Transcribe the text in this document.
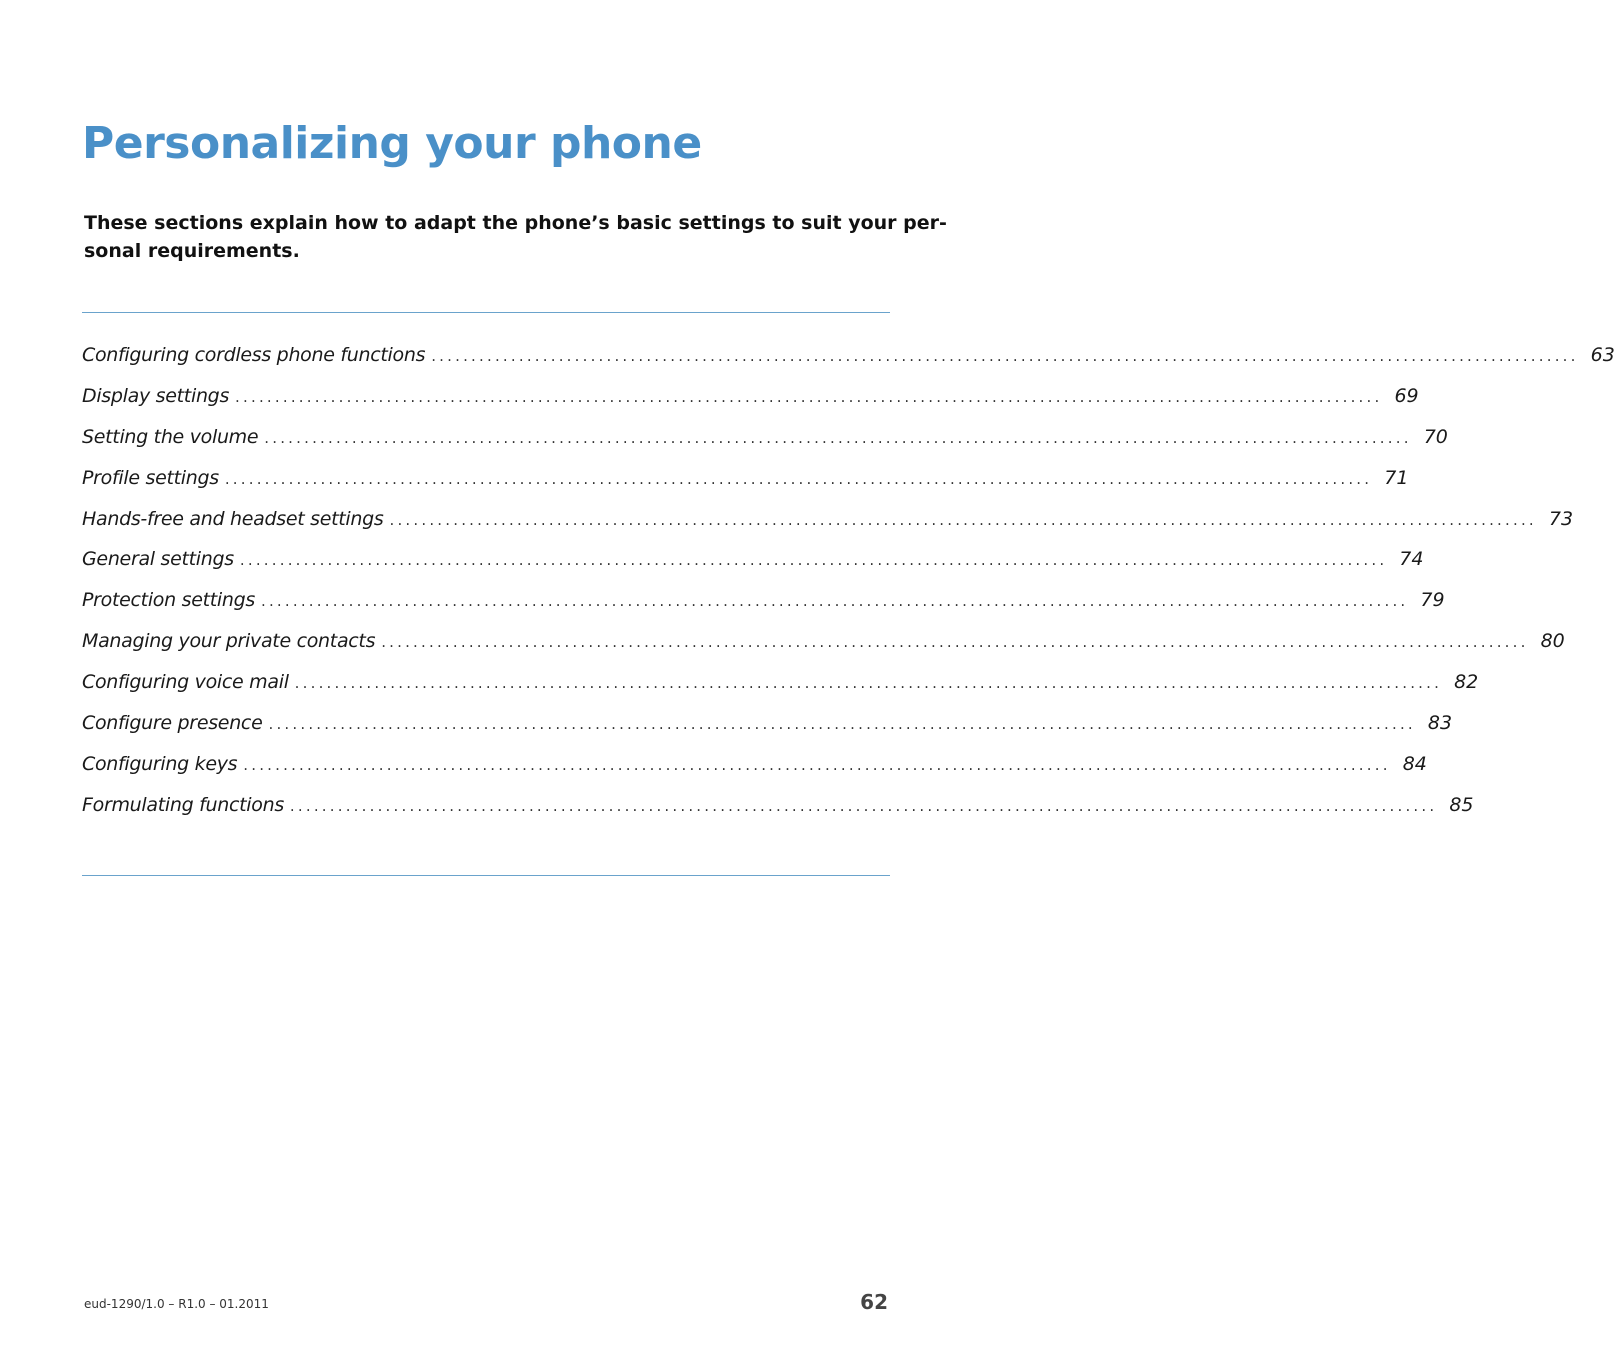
Personalizing your phone

These sections explain how to adapt the phone’s basic settings to suit your per-
sonal requirements.

Configuring cordless phone functions ................................................................................................................................................ 63
Display settings ................................................................................................................................................ 69
Setting the volume ................................................................................................................................................ 70
Profile settings ................................................................................................................................................ 71
Hands-free and headset settings ................................................................................................................................................ 73
General settings ................................................................................................................................................ 74
Protection settings ................................................................................................................................................ 79
Managing your private contacts ................................................................................................................................................ 80
Configuring voice mail ................................................................................................................................................ 82
Configure presence ................................................................................................................................................ 83
Configuring keys ................................................................................................................................................ 84
Formulating functions ................................................................................................................................................ 85
eud-1290/1.0 – R1.0 – 01.2011	62
